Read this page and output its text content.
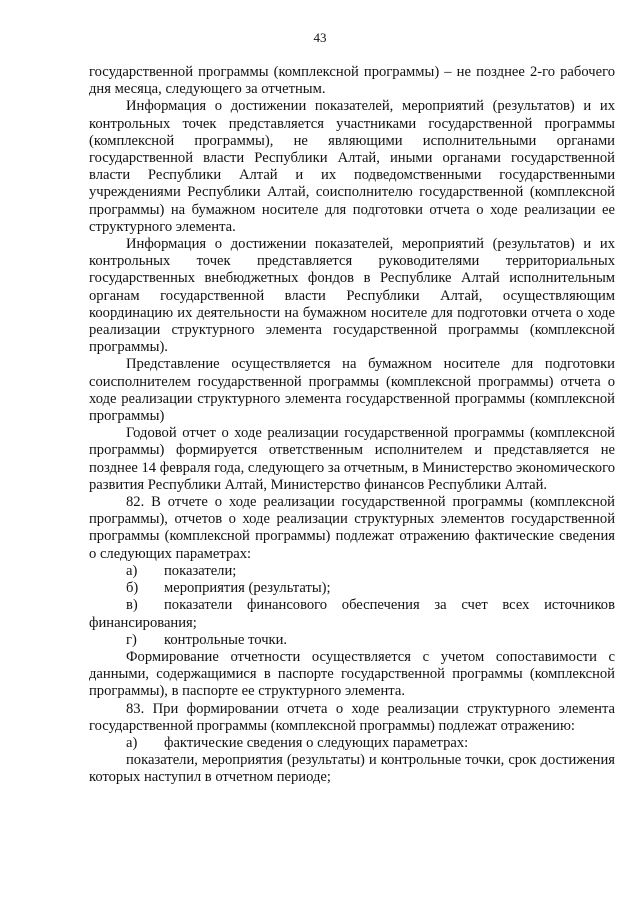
43

государственной программы (комплексной программы) – не позднее 2-го рабочего дня месяца, следующего за отчетным.

Информация о достижении показателей, мероприятий (результатов) и их контрольных точек представляется участниками государственной программы (комплексной программы), не являющими исполнительными органами государственной власти Республики Алтай, иными органами государственной власти Республики Алтай и их подведомственными государственными учреждениями Республики Алтай, соисполнителю государственной (комплексной программы) на бумажном носителе для подготовки отчета о ходе реализации ее структурного элемента.

Информация о достижении показателей, мероприятий (результатов) и их контрольных точек представляется руководителями территориальных государственных внебюджетных фондов в Республике Алтай исполнительным органам государственной власти Республики Алтай, осуществляющим координацию их деятельности на бумажном носителе для подготовки отчета о ходе реализации структурного элемента государственной программы (комплексной программы).

Представление осуществляется на бумажном носителе для подготовки соисполнителем государственной программы (комплексной программы) отчета о ходе реализации структурного элемента государственной программы (комплексной программы)

Годовой отчет о ходе реализации государственной программы (комплексной программы) формируется ответственным исполнителем и представляется не позднее 14 февраля года, следующего за отчетным, в Министерство экономического развития Республики Алтай, Министерство финансов Республики Алтай.

82. В отчете о ходе реализации государственной программы (комплексной программы), отчетов о ходе реализации структурных элементов государственной программы (комплексной программы) подлежат отражению фактические сведения о следующих параметрах:

а)	показатели;
б)	мероприятия (результаты);

в) показатели финансового обеспечения за счет всех источников финансирования;

г)	контрольные точки.

Формирование отчетности осуществляется с учетом сопоставимости с данными, содержащимися в паспорте государственной программы (комплексной программы), в паспорте ее структурного элемента.

83. При формировании отчета о ходе реализации структурного элемента государственной программы (комплексной программы) подлежат отражению:

а)	фактические сведения о следующих параметрах:

показатели, мероприятия (результаты) и контрольные точки, срок достижения которых наступил в отчетном периоде;
